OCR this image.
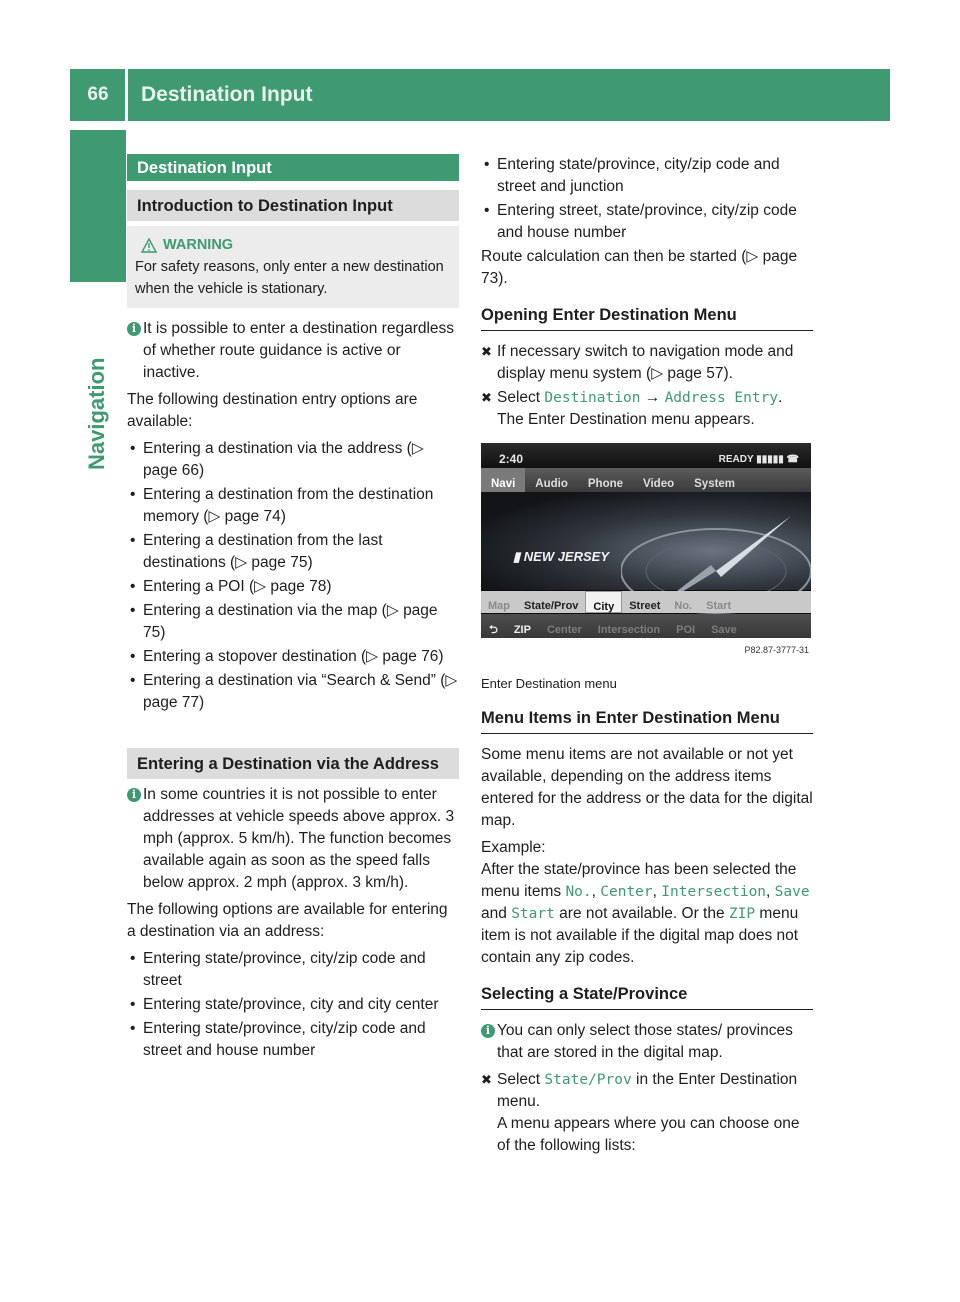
66	Destination Input
Navigation
Destination Input
Introduction to Destination Input
WARNING
For safety reasons, only enter a new destination when the vehicle is stationary.
i It is possible to enter a destination regardless of whether route guidance is active or inactive.
The following destination entry options are available:
• Entering a destination via the address (▷ page 66)
• Entering a destination from the destination memory (▷ page 74)
• Entering a destination from the last destinations (▷ page 75)
• Entering a POI (▷ page 78)
• Entering a destination via the map (▷ page 75)
• Entering a stopover destination (▷ page 76)
• Entering a destination via “Search & Send” (▷ page 77)
Entering a Destination via the Address
i In some countries it is not possible to enter addresses at vehicle speeds above approx. 3 mph (approx. 5 km/h). The function becomes available again as soon as the speed falls below approx. 2 mph (approx. 3 km/h).
The following options are available for entering a destination via an address:
• Entering state/province, city/zip code and street
• Entering state/province, city and city center
• Entering state/province, city/zip code and street and house number
• Entering state/province, city/zip code and street and junction
• Entering street, state/province, city/zip code and house number
Route calculation can then be started (▷ page 73).
Opening Enter Destination Menu
✖ If necessary switch to navigation mode and display menu system (▷ page 57).
✖ Select Destination → Address Entry.
The Enter Destination menu appears.
2:40	READY ▮▮▮▮▮ ☎
Navi	Audio	Phone	Video	System
▮ NEW JERSEY
Map	State/Prov	City	Street	No.	Start
⮌	ZIP	Center	Intersection	POI	Save
P82.87-3777-31
Enter Destination menu
Menu Items in Enter Destination Menu
Some menu items are not available or not yet available, depending on the address items entered for the address or the data for the digital map.
Example:
After the state/province has been selected the menu items No., Center, Intersection, Save and Start are not available. Or the ZIP menu item is not available if the digital map does not contain any zip codes.
Selecting a State/Province
i You can only select those states/ provinces that are stored in the digital map.
✖ Select State/Prov in the Enter Destination menu.
A menu appears where you can choose one of the following lists:
